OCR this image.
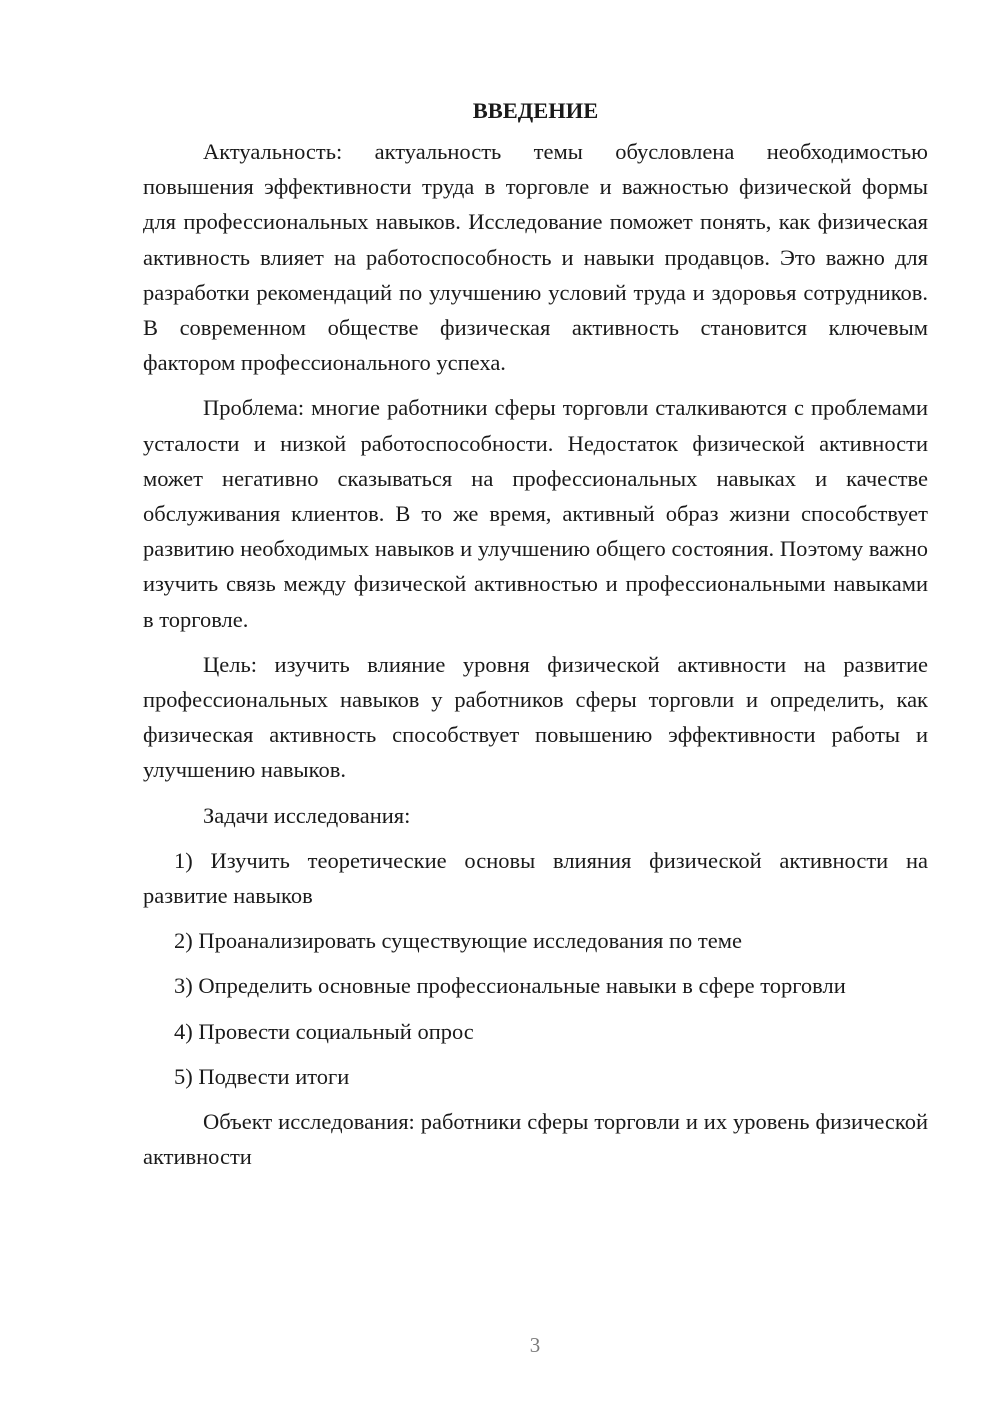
ВВЕДЕНИЕ

Актуальность: актуальность темы обусловлена необходимостью повышения эффективности труда в торговле и важностью физической формы для профессиональных навыков. Исследование поможет понять, как физическая активность влияет на работоспособность и навыки продавцов. Это важно для разработки рекомендаций по улучшению условий труда и здоровья сотрудников. В современном обществе физическая активность становится ключевым фактором профессионального успеха.

Проблема: многие работники сферы торговли сталкиваются с проблемами усталости и низкой работоспособности. Недостаток физической активности может негативно сказываться на профессиональных навыках и качестве обслуживания клиентов. В то же время, активный образ жизни способствует развитию необходимых навыков и улучшению общего состояния. Поэтому важно изучить связь между физической активностью и профессиональными навыками в торговле.

Цель: изучить влияние уровня физической активности на развитие профессиональных навыков у работников сферы торговли и определить, как физическая активность способствует повышению эффективности работы и улучшению навыков.

Задачи исследования:

1) Изучить теоретические основы влияния физической активности на развитие навыков

2) Проанализировать существующие исследования по теме

3) Определить основные профессиональные навыки в сфере торговли

4) Провести социальный опрос

5) Подвести итоги

Объект исследования: работники сферы торговли и их уровень физической активности

3
